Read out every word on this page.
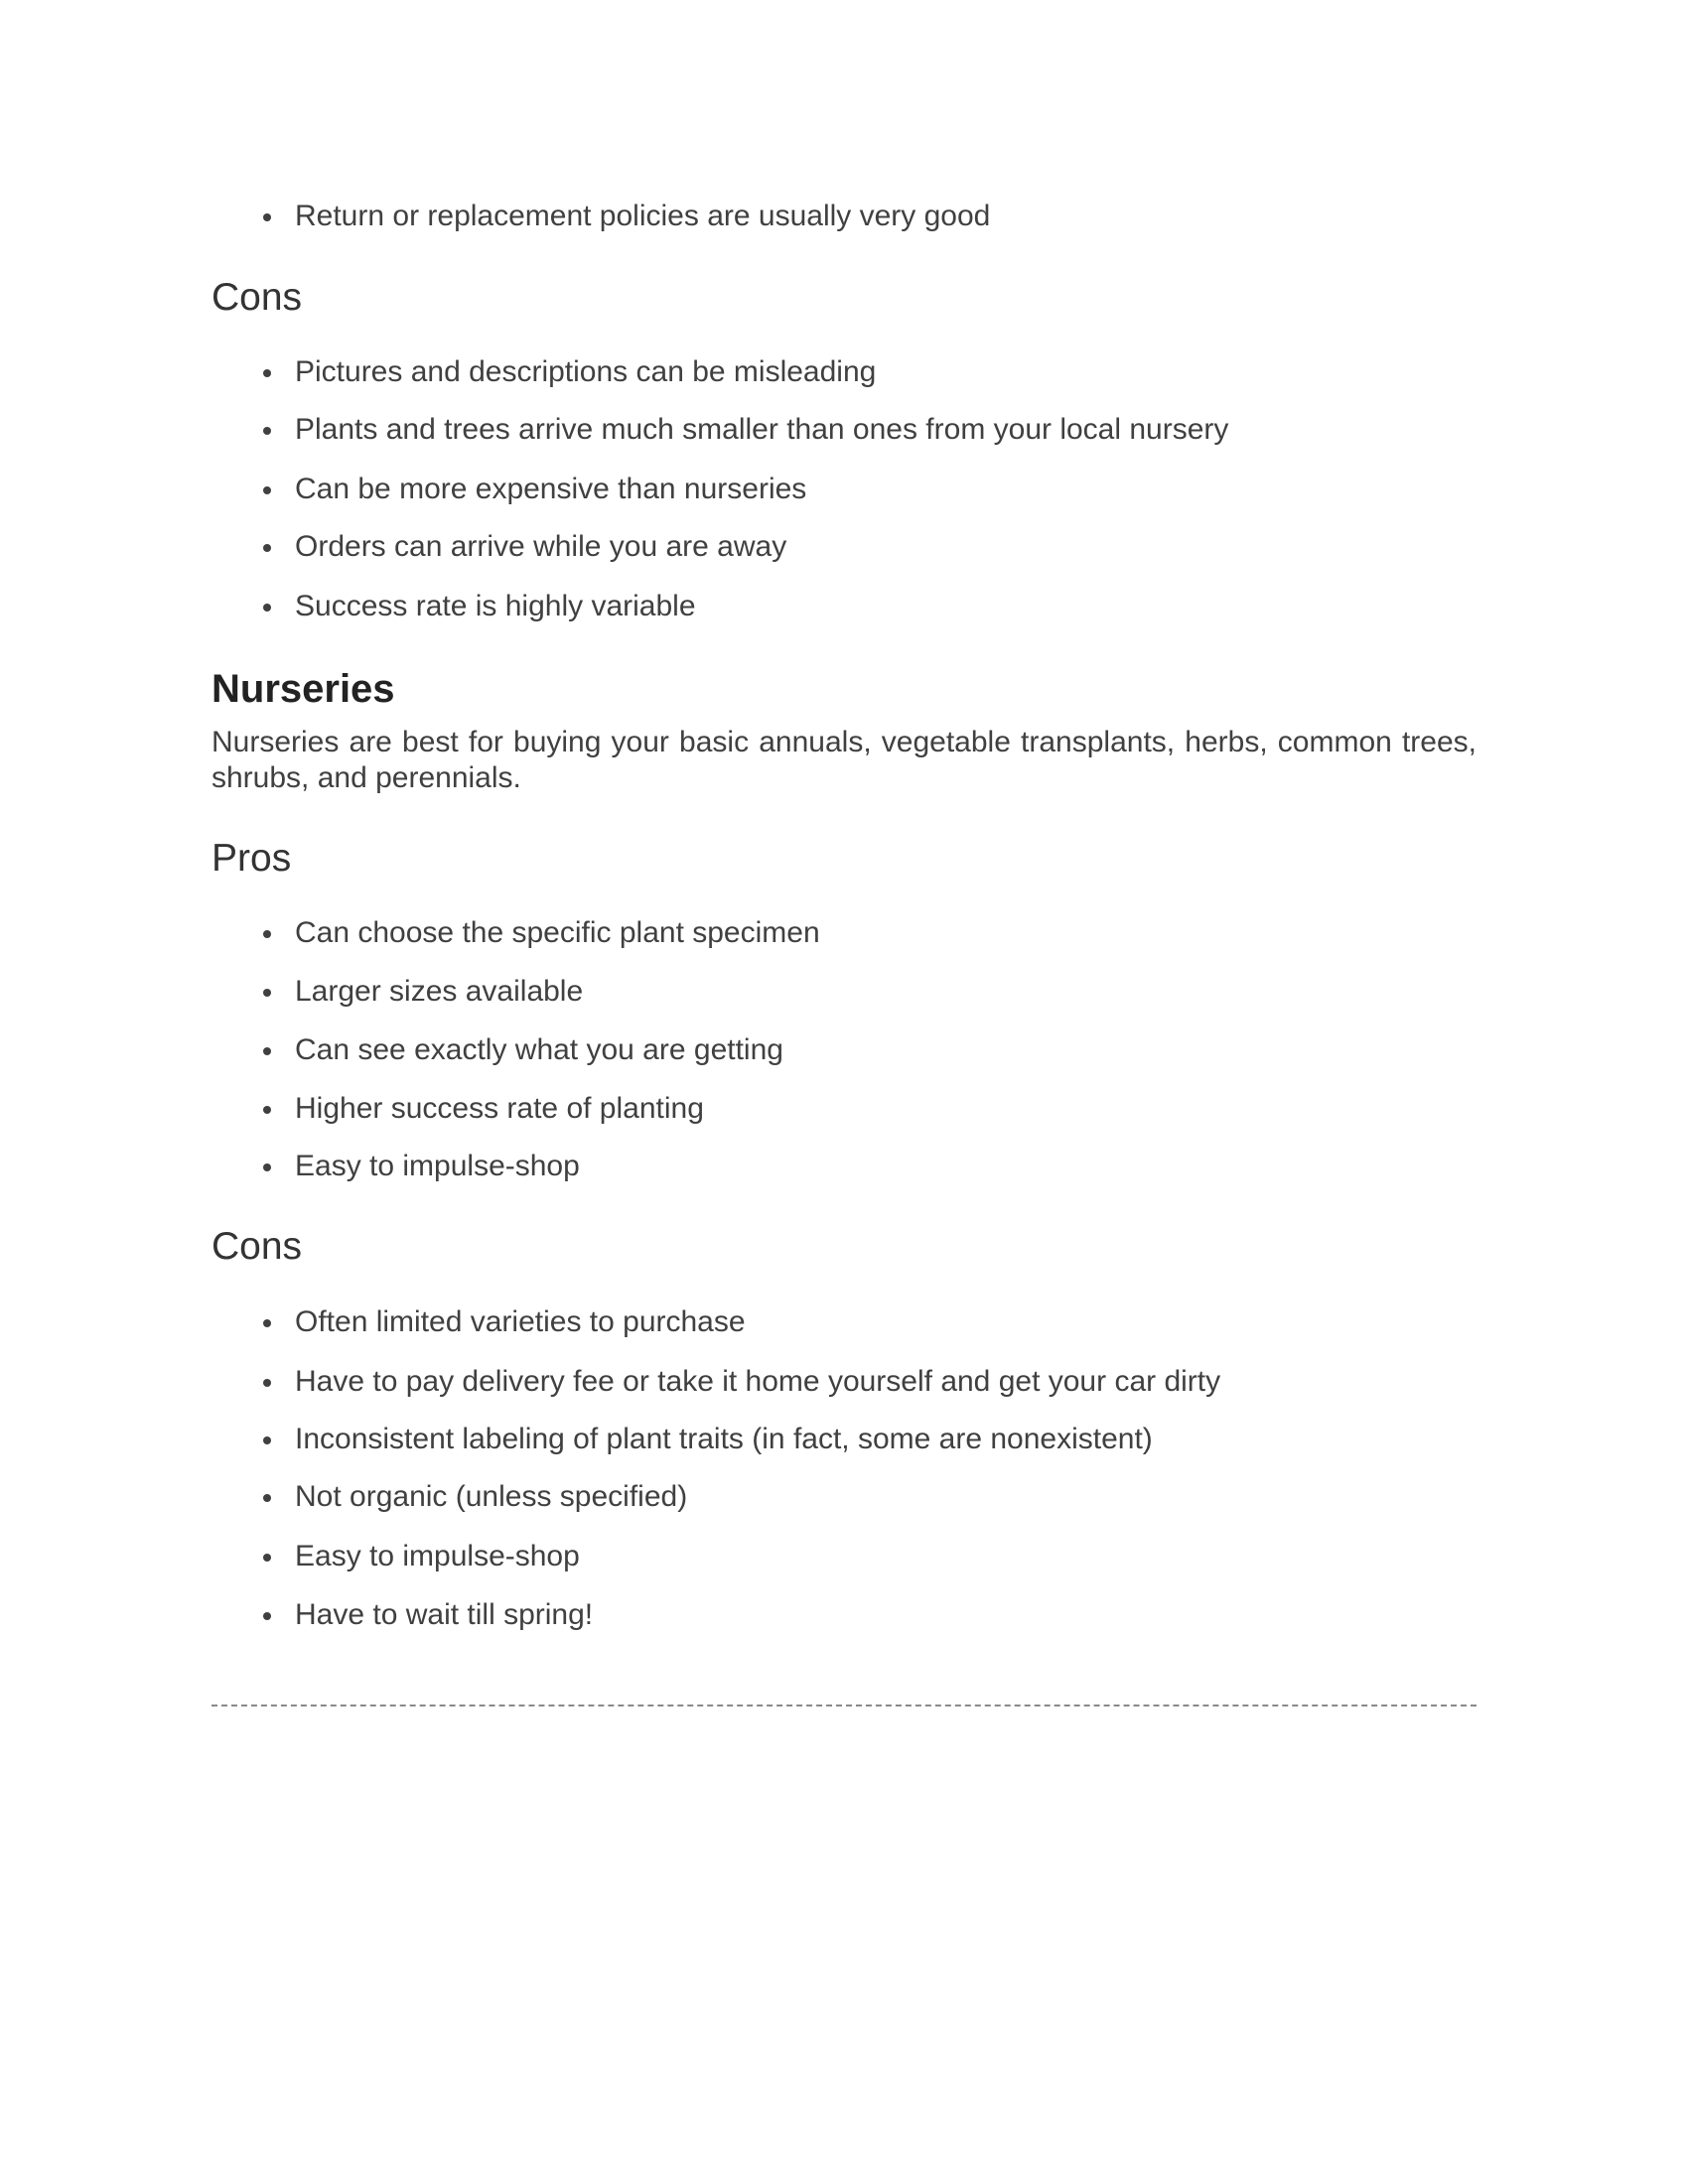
Return or replacement policies are usually very good
Cons
Pictures and descriptions can be misleading
Plants and trees arrive much smaller than ones from your local nursery
Can be more expensive than nurseries
Orders can arrive while you are away
Success rate is highly variable
Nurseries

Nurseries are best for buying your basic annuals, vegetable transplants, herbs, common trees, shrubs, and perennials.

Pros
Can choose the specific plant specimen
Larger sizes available
Can see exactly what you are getting
Higher success rate of planting
Easy to impulse-shop
Cons
Often limited varieties to purchase
Have to pay delivery fee or take it home yourself and get your car dirty
Inconsistent labeling of plant traits (in fact, some are nonexistent)
Not organic (unless specified)
Easy to impulse-shop
Have to wait till spring!
